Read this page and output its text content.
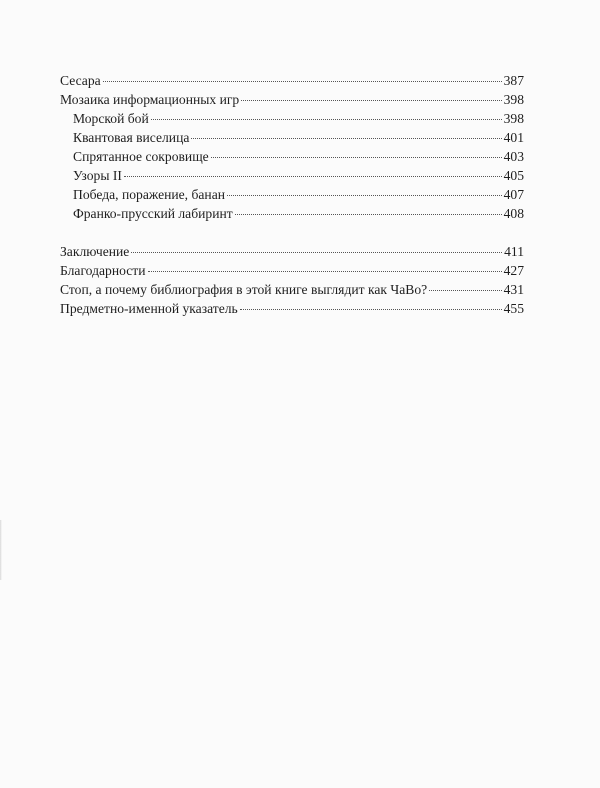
Сесара	387
Мозаика информационных игр	398
Морской бой	398
Квантовая виселица	401
Спрятанное сокровище	403
Узоры II	405
Победа, поражение, банан	407
Франко-прусский лабиринт	408
Заключение	411
Благодарности	427
Стоп, а почему библиография в этой книге выглядит как ЧаВо?	431
Предметно-именной указатель	455
